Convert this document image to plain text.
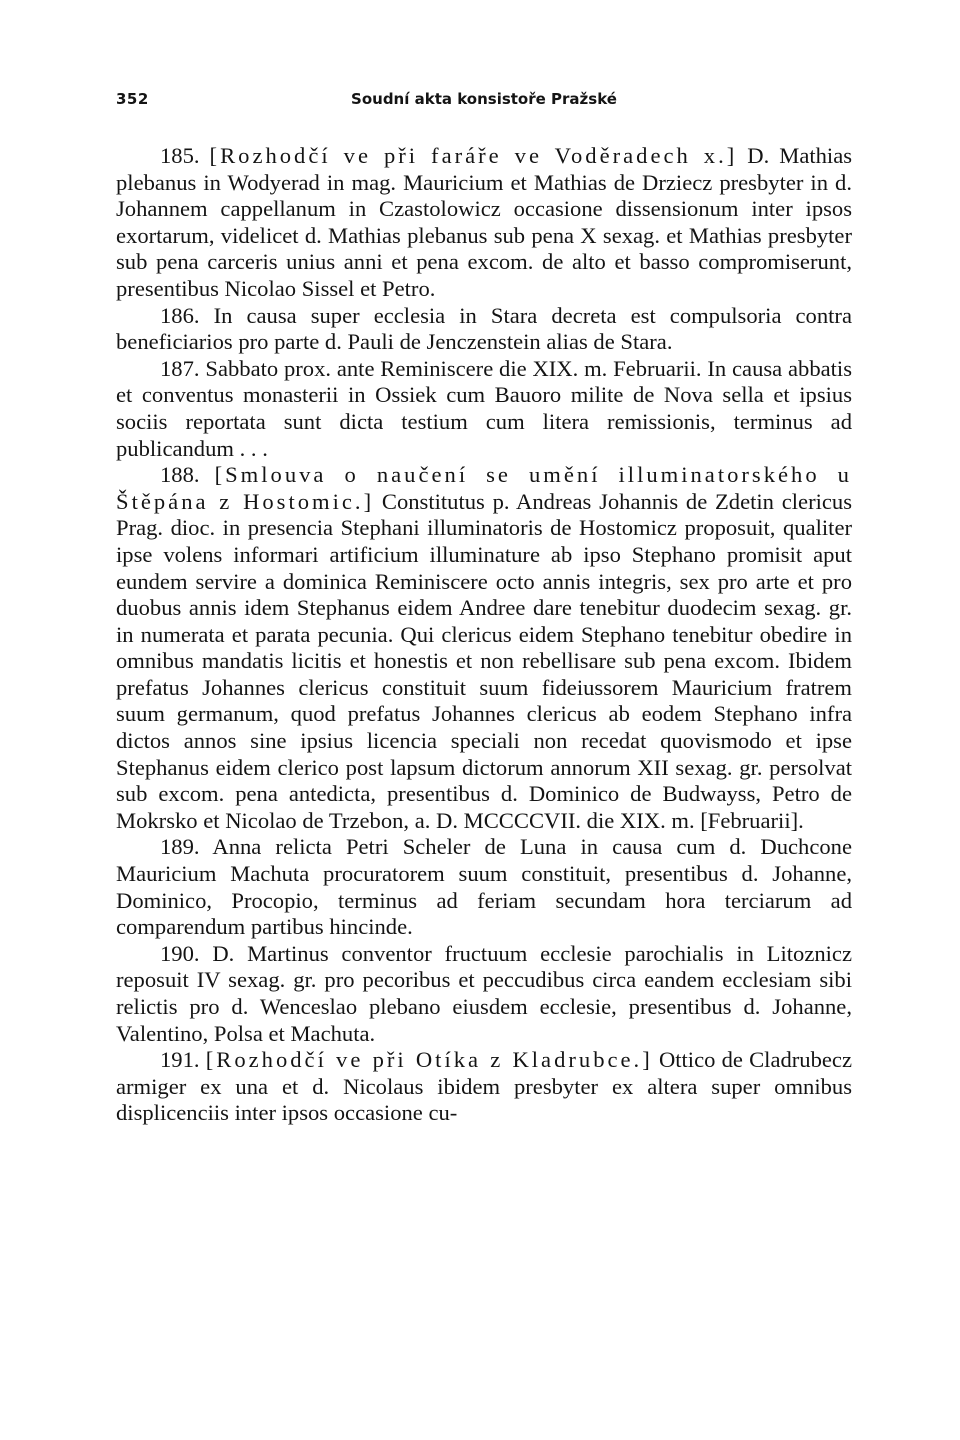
352	Soudní akta konsistoře Pražské

185. [Rozhodčí ve při faráře ve Voděradech x.] D. Mathias plebanus in Wodyerad in mag. Mauricium et Mathias de Drziecz presbyter in d. Johannem cappellanum in Czastolowicz occasione dissensionum inter ipsos exortarum, videlicet d. Mathias plebanus sub pena X sexag. et Mathias presbyter sub pena carceris unius anni et pena excom. de alto et basso compromiserunt, presentibus Nicolao Sissel et Petro.

186. In causa super ecclesia in Stara decreta est compulsoria contra beneficiarios pro parte d. Pauli de Jenczenstein alias de Stara.

187. Sabbato prox. ante Reminiscere die XIX. m. Februarii. In causa abbatis et conventus monasterii in Ossiek cum Bauoro milite de Nova sella et ipsius sociis reportata sunt dicta testium cum litera remissionis, terminus ad publicandum . . .

188. [Smlouva o naučení se umění illuminatorského u Štěpána z Hostomic.] Constitutus p. Andreas Johannis de Zdetin clericus Prag. dioc. in presencia Stephani illuminatoris de Hostomicz proposuit, qualiter ipse volens informari artificium illuminature ab ipso Stephano promisit aput eundem servire a dominica Reminiscere octo annis integris, sex pro arte et pro duobus annis idem Stephanus eidem Andree dare tenebitur duodecim sexag. gr. in numerata et parata pecunia. Qui clericus eidem Stephano tenebitur obedire in omnibus mandatis licitis et honestis et non rebellisare sub pena excom. Ibidem prefatus Johannes clericus constituit suum fideiussorem Mauricium fratrem suum germanum, quod prefatus Johannes clericus ab eodem Stephano infra dictos annos sine ipsius licencia speciali non recedat quovismodo et ipse Stephanus eidem clerico post lapsum dictorum annorum XII sexag. gr. persolvat sub excom. pena antedicta, presentibus d. Dominico de Budwayss, Petro de Mokrsko et Nicolao de Trzebon, a. D. MCCCCVII. die XIX. m. [Februarii].

189. Anna relicta Petri Scheler de Luna in causa cum d. Duchcone Mauricium Machuta procuratorem suum constituit, presentibus d. Johanne, Dominico, Procopio, terminus ad feriam secundam hora terciarum ad comparendum partibus hincinde.

190. D. Martinus conventor fructuum ecclesie parochialis in Litoznicz reposuit IV sexag. gr. pro pecoribus et peccudibus circa eandem ecclesiam sibi relictis pro d. Wenceslao plebano eiusdem ecclesie, presentibus d. Johanne, Valentino, Polsa et Machuta.

191. [Rozhodčí ve při Otíka z Kladrubce.] Ottico de Cladrubecz armiger ex una et d. Nicolaus ibidem presbyter ex altera super omnibus displicenciis inter ipsos occasione cu-
